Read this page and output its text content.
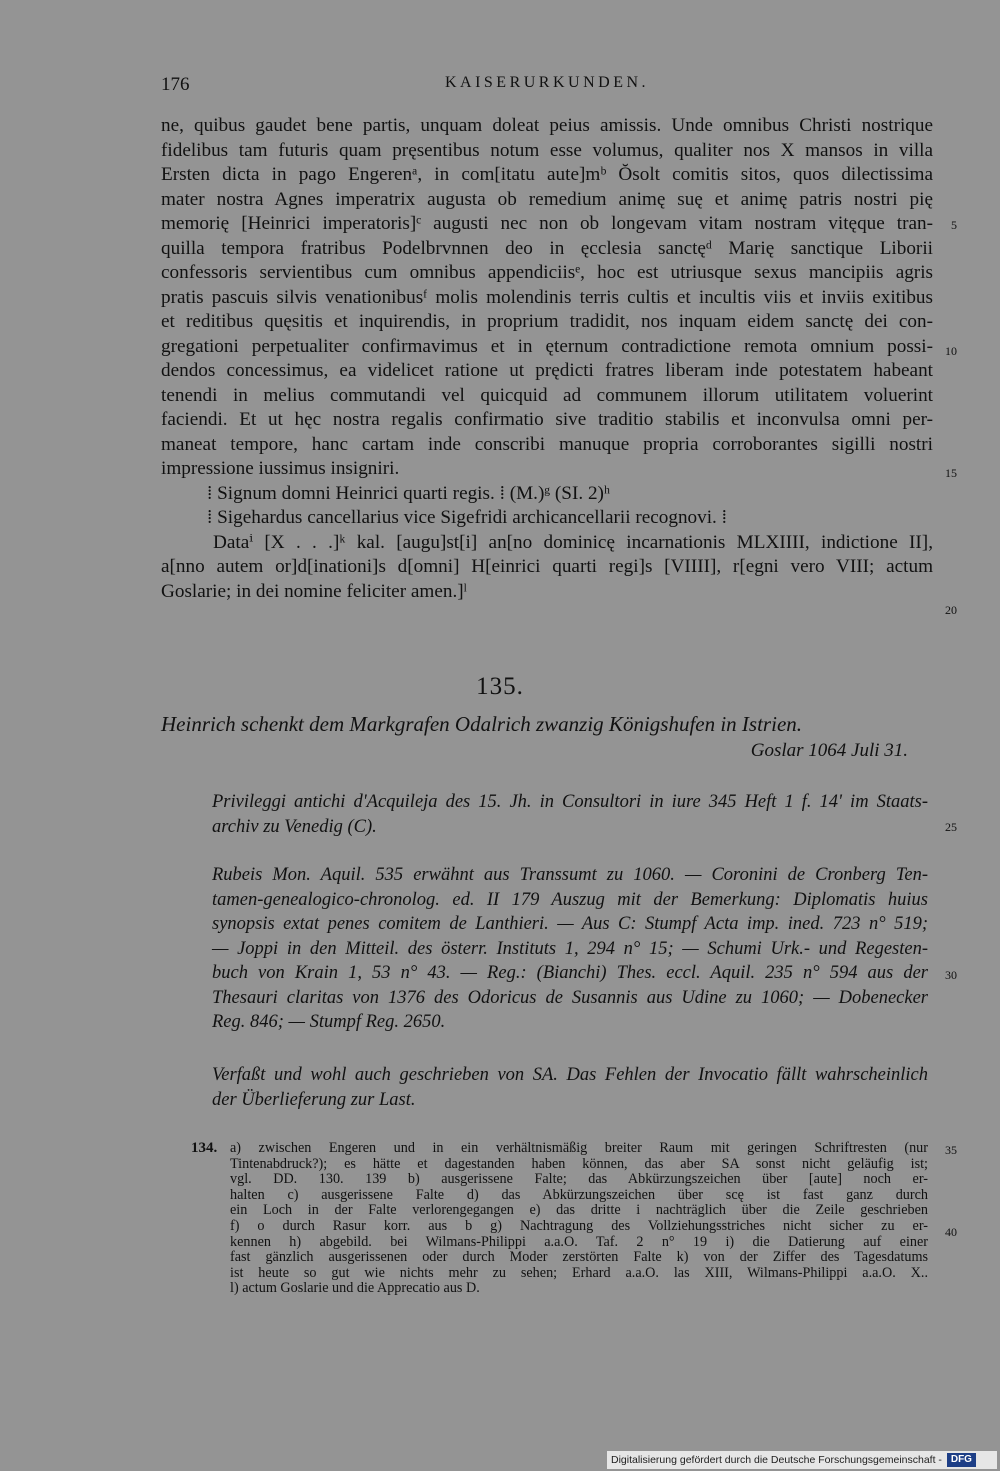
176	KAISERURKUNDEN.
ne, quibus gaudet bene partis, unquam doleat peius amissis. Unde omnibus Christi nostrique
fidelibus tam futuris quam pręsentibus notum esse volumus, qualiter nos X mansos in villa
Ersten dicta in pago Engerenᵃ, in com[itatu aute]mᵇ Ŏsolt comitis sitos, quos dilectissima
mater nostra Agnes imperatrix augusta ob remedium animę suę et animę patris nostri pię
memorię [Heinrici imperatoris]ᶜ augusti nec non ob longevam vitam nostram vitęque tran-
quilla tempora fratribus Podelbrvnnen deo in ęcclesia sanctęᵈ Marię sanctique Liborii
confessoris servientibus cum omnibus appendiciisᵉ, hoc est utriusque sexus mancipiis agris
pratis pascuis silvis venationibusᶠ molis molendinis terris cultis et incultis viis et inviis exitibus
et reditibus quęsitis et inquirendis, in proprium tradidit, nos inquam eidem sanctę dei con-
gregationi perpetualiter confirmavimus et in ęternum contradictione remota omnium possi-
dendos concessimus, ea videlicet ratione ut prędicti fratres liberam inde potestatem habeant
tenendi in melius commutandi vel quicquid ad communem illorum utilitatem voluerint
faciendi. Et ut hęc nostra regalis confirmatio sive traditio stabilis et inconvulsa omni per-
maneat tempore, hanc cartam inde conscribi manuque propria corroborantes sigilli nostri
impressione iussimus insigniri.
⁞ Signum domni Heinrici quarti regis. ⁞ (M.)ᵍ (SI. 2)ʰ
⁞ Sigehardus cancellarius vice Sigefridi archicancellarii recognovi. ⁞
Dataⁱ [X . . .]ᵏ kal. [augu]st[i] an[no dominicę incarnationis MLXIIII, indictione II],
a[nno autem or]d[inationi]s d[omni] H[einrici quarti regi]s [VIIII], r[egni vero VIII; actum
Goslarie; in dei nomine feliciter amen.]ˡ
5
10
15
20
135.
Heinrich schenkt dem Markgrafen Odalrich zwanzig Königshufen in Istrien.
Goslar 1064 Juli 31.
Privileggi antichi d'Acquileja des 15. Jh. in Consultori in iure 345 Heft 1 f. 14' im Staats-
archiv zu Venedig (C).
Rubeis Mon. Aquil. 535 erwähnt aus Transsumt zu 1060. — Coronini de Cronberg Ten-
tamen-genealogico-chronolog. ed. II 179 Auszug mit der Bemerkung: Diplomatis huius
synopsis extat penes comitem de Lanthieri. — Aus C: Stumpf Acta imp. ined. 723 n° 519;
— Joppi in den Mitteil. des österr. Instituts 1, 294 n° 15; — Schumi Urk.- und Regesten-
buch von Krain 1, 53 n° 43. — Reg.: (Bianchi) Thes. eccl. Aquil. 235 n° 594 aus der
Thesauri claritas von 1376 des Odoricus de Susannis aus Udine zu 1060; — Dobenecker
Reg. 846; — Stumpf Reg. 2650.
Verfaßt und wohl auch geschrieben von SA. Das Fehlen der Invocatio fällt wahrscheinlich
der Überlieferung zur Last.
25
30
134. a) zwischen Engeren und in ein verhältnismäßig breiter Raum mit geringen Schriftresten (nur
Tintenabdruck?); es hätte et dagestanden haben können, das aber SA sonst nicht geläufig ist;
vgl. DD. 130. 139 b) ausgerissene Falte; das Abkürzungszeichen über [aute] noch er-
halten c) ausgerissene Falte d) das Abkürzungszeichen über scę ist fast ganz durch
ein Loch in der Falte verlorengegangen e) das dritte i nachträglich über die Zeile geschrieben
f) o durch Rasur korr. aus b g) Nachtragung des Vollziehungsstriches nicht sicher zu er-
kennen h) abgebild. bei Wilmans-Philippi a.a.O. Taf. 2 n° 19 i) die Datierung auf einer
fast gänzlich ausgerissenen oder durch Moder zerstörten Falte k) von der Ziffer des Tagesdatums
ist heute so gut wie nichts mehr zu sehen; Erhard a.a.O. las XIII, Wilmans-Philippi a.a.O. X..
l) actum Goslarie und die Apprecatio aus D.
35
40
Digitalisierung gefördert durch die Deutsche Forschungsgemeinschaft - DFG
